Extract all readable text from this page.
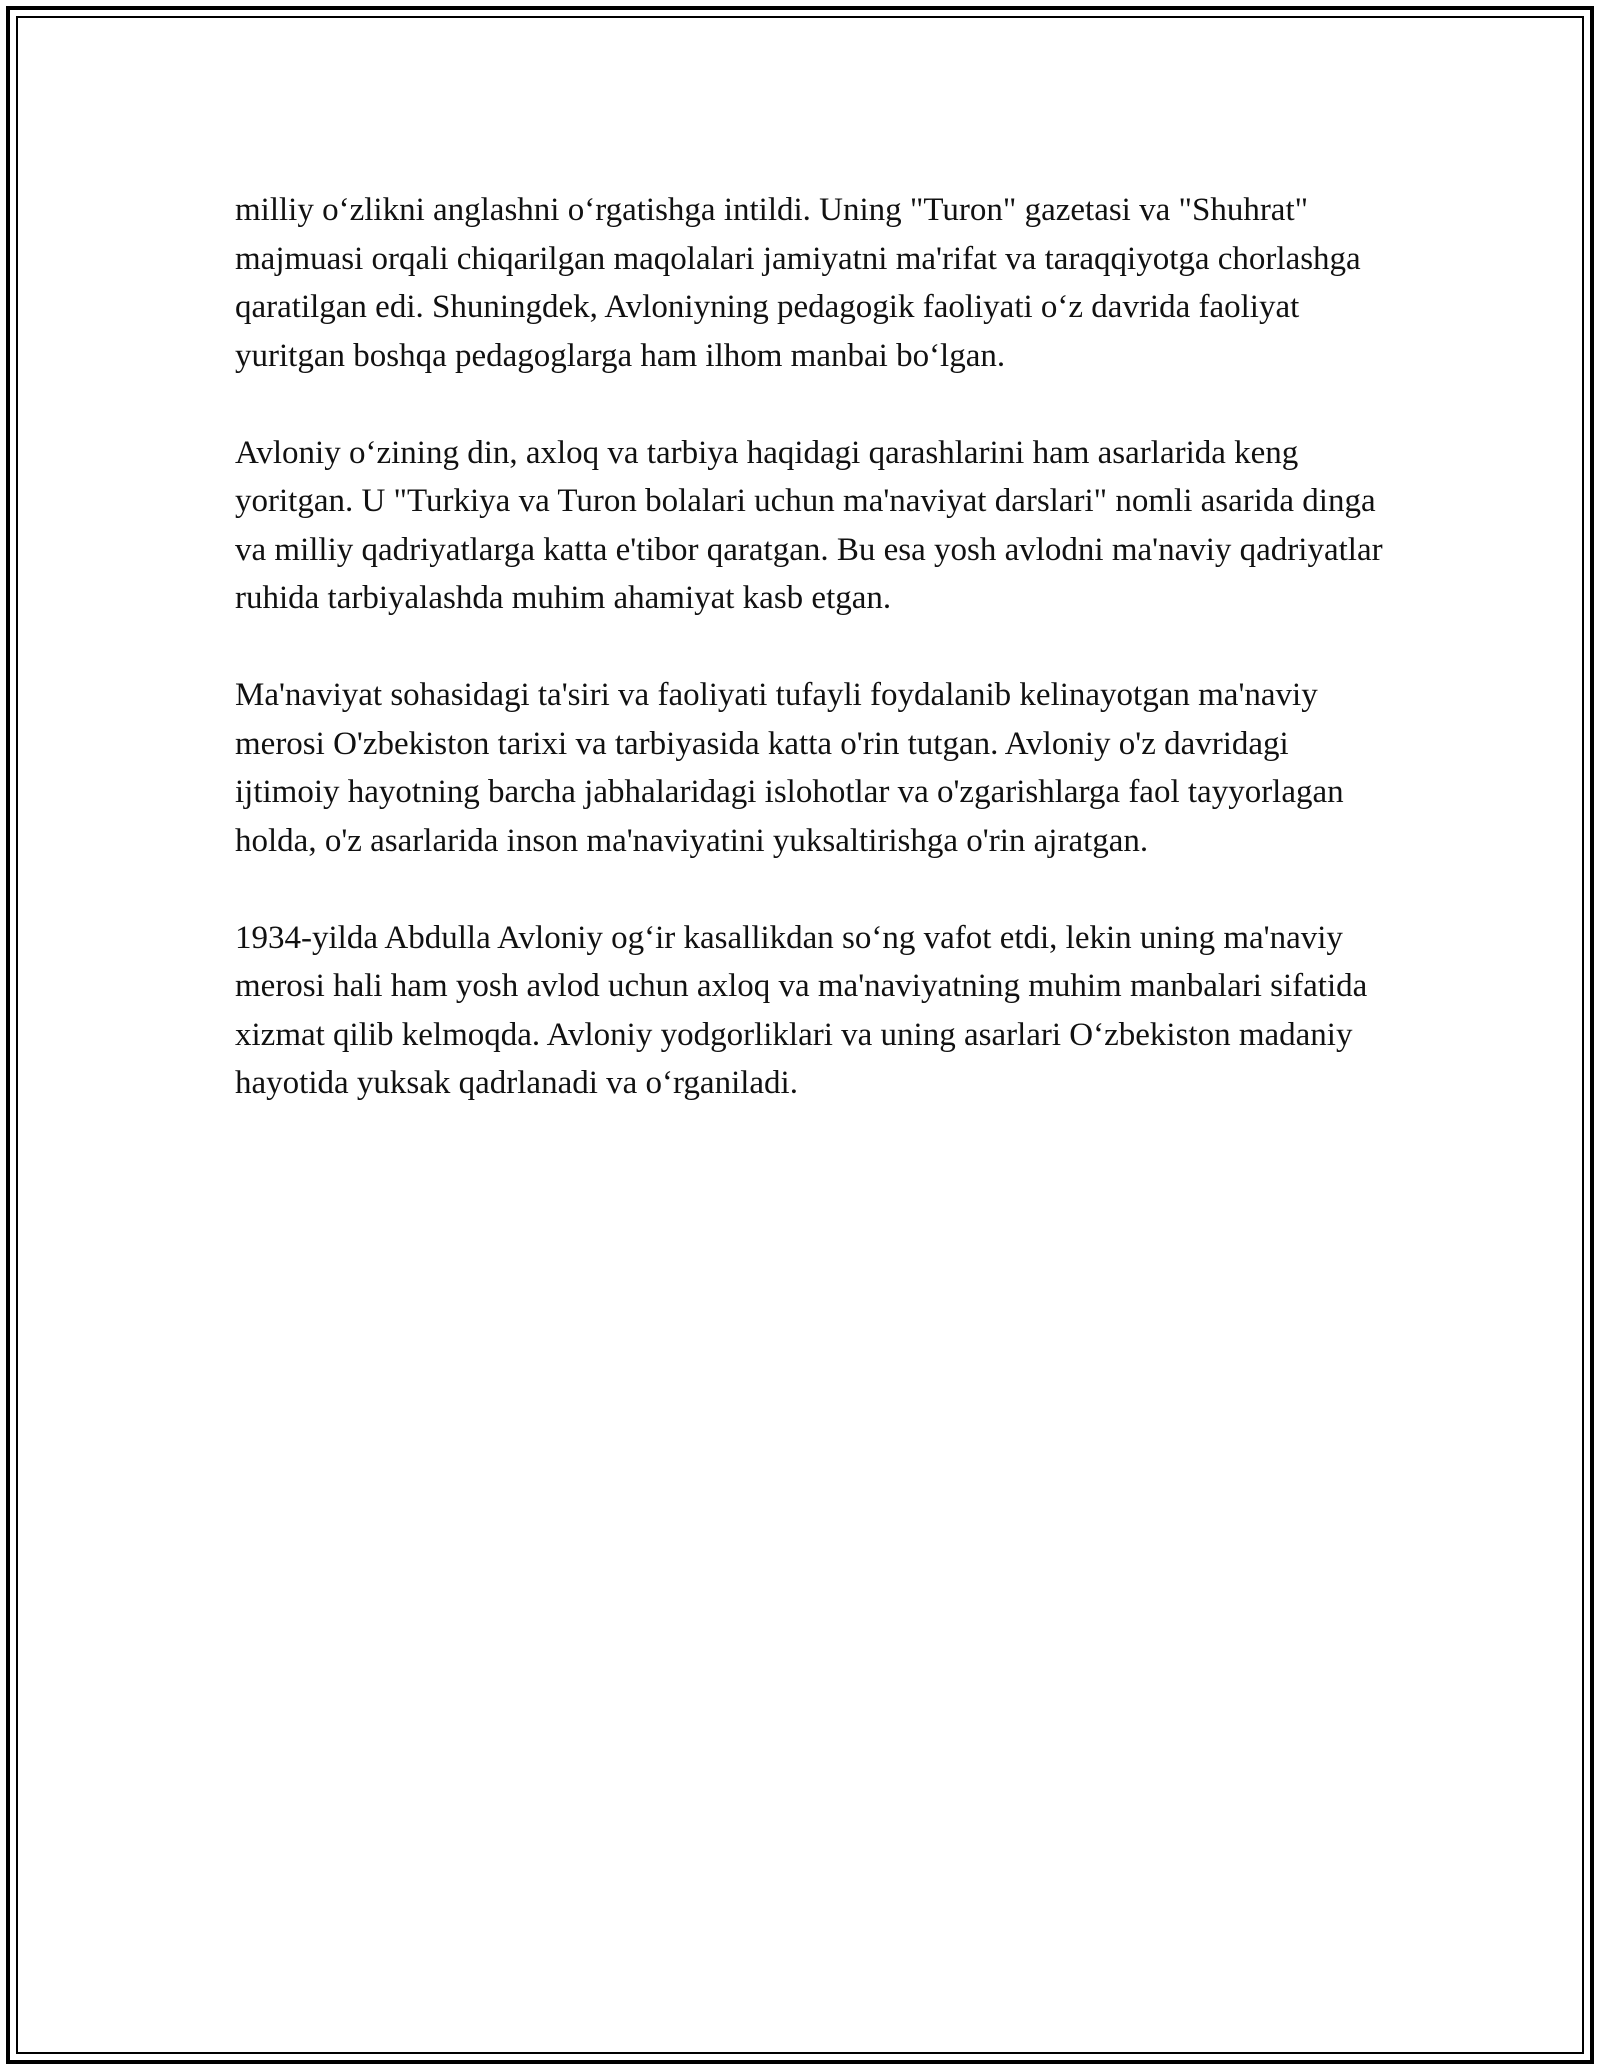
milliy o‘zlikni anglashni o‘rgatishga intildi. Uning "Turon" gazetasi va "Shuhrat" majmuasi orqali chiqarilgan maqolalari jamiyatni ma'rifat va taraqqiyotga chorlashga qaratilgan edi. Shuningdek, Avloniyning pedagogik faoliyati o‘z davrida faoliyat yuritgan boshqa pedagoglarga ham ilhom manbai bo‘lgan.

Avloniy o‘zining din, axloq va tarbiya haqidagi qarashlarini ham asarlarida keng yoritgan. U "Turkiya va Turon bolalari uchun ma'naviyat darslari" nomli asarida dinga va milliy qadriyatlarga katta e'tibor qaratgan. Bu esa yosh avlodni ma'naviy qadriyatlar ruhida tarbiyalashda muhim ahamiyat kasb etgan.

Ma'naviyat sohasidagi ta'siri va faoliyati tufayli foydalanib kelinayotgan ma'naviy merosi O'zbekiston tarixi va tarbiyasida katta o'rin tutgan. Avloniy o'z davridagi ijtimoiy hayotning barcha jabhalaridagi islohotlar va o'zgarishlarga faol tayyorlagan holda, o'z asarlarida inson ma'naviyatini yuksaltirishga o'rin ajratgan.

1934-yilda Abdulla Avloniy og‘ir kasallikdan so‘ng vafot etdi, lekin uning ma'naviy merosi hali ham yosh avlod uchun axloq va ma'naviyatning muhim manbalari sifatida xizmat qilib kelmoqda. Avloniy yodgorliklari va uning asarlari O‘zbekiston madaniy hayotida yuksak qadrlanadi va o‘rganiladi.
